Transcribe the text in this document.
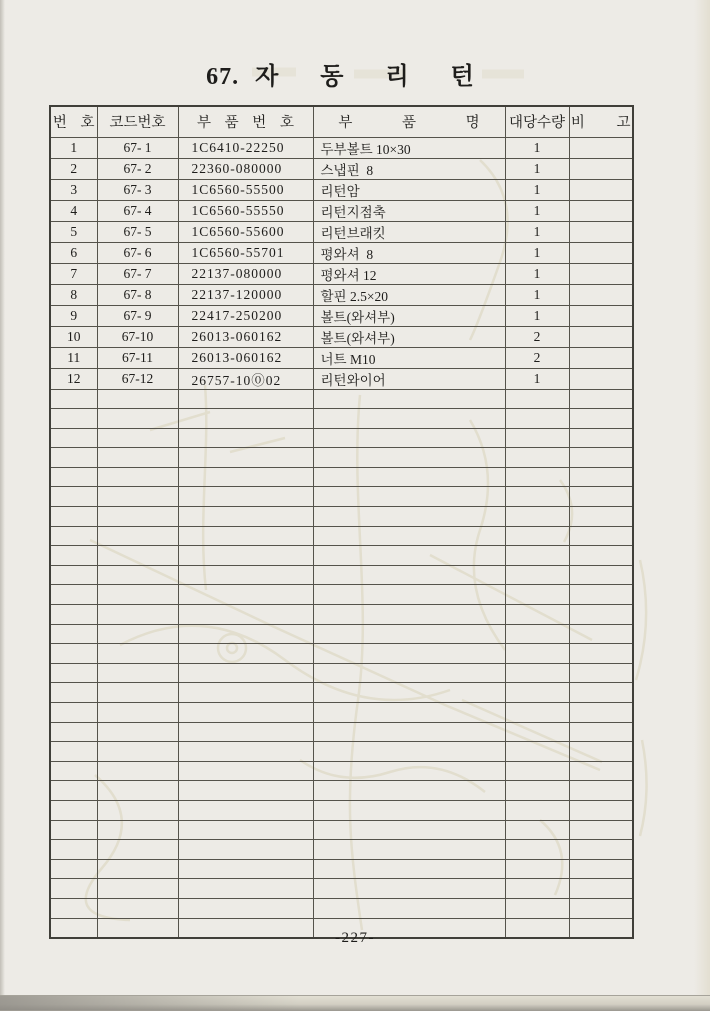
67. 자 동 리 턴
번 호	코드번호	부 품 번 호	부 품 명	대당수량	비 고
1	67- 1	1C6410-22250	두부볼트 10×30	1	
2	67- 2	22360-080000	스냅핀  8	1	
3	67- 3	1C6560-55500	리턴암	1	
4	67- 4	1C6560-55550	리턴지점축	1	
5	67- 5	1C6560-55600	리턴브래킷	1	
6	67- 6	1C6560-55701	평와셔  8	1	
7	67- 7	22137-080000	평와셔 12	1	
8	67- 8	22137-120000	할핀 2.5×20	1	
9	67- 9	22417-250200	볼트(와셔부)	1	
10	67-10	26013-060162	볼트(와셔부)	2	
11	67-11	26013-060162	너트 M10	2	
12	67-12	26757-10⓪02	리턴와이어	1	

-227-
